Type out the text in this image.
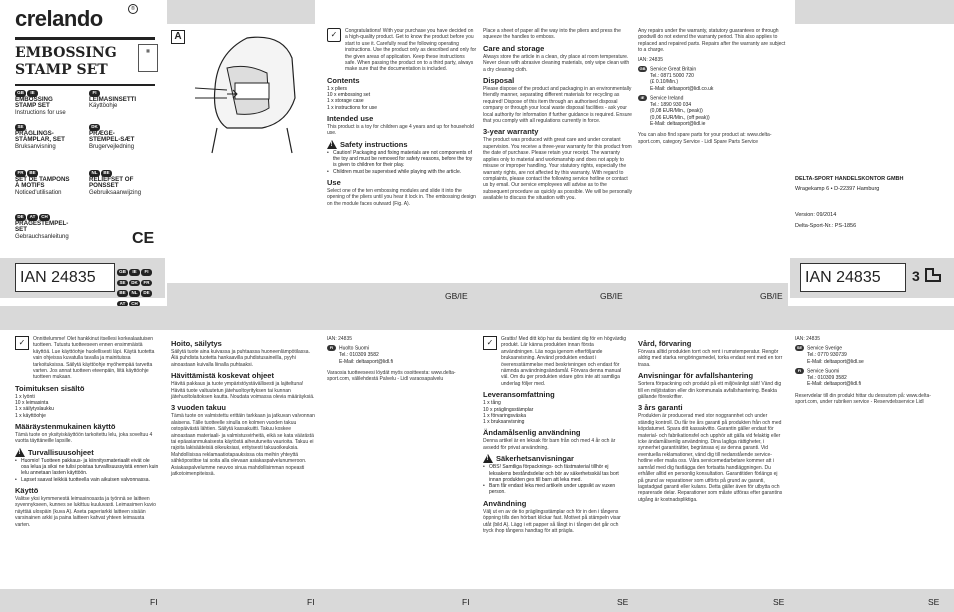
crelando	®
EMBOSSING
STAMP SET
▦
GB IE
EMBOSSING
STAMP SET
Instructions for use
FI
LEIMASINSETTI
Käyttöohje
SE
PRÄGLINGS-
STÄMPLAR, SET
Bruksanvisning
DK
PRÆGE-
STEMPEL-SÆT
Brugervejledning
FR BE
SET DE TAMPONS
À MOTIFS
Noticed'utilisation
NL BE
RELIËFSET OF
PONSSET
Gebruiksaanwijzing
DE AT CH
PRÄGESTEMPEL-
SET
Gebrauchsanleitung	CE
IAN 24835	GB IE FI SE DK FR BE NL DE AT CH
A	✓	Congratulations! With your purchase you have decided on a high-quality product. Get to know the product before you start to use it. Carefully read the following operating instructions. Use the product only as described and only for the given areas of application. Keep these instructions safe. When passing the product on to a third party, always make sure that the documentation is included.

Contents
1 x pliers
10 x embossing set
1 x storage case
1 x instructions for use
Intended use

This product is a toy for children age 4 years and up for household use.

!
Safety instructions
• Caution! Packaging and fixing materials are not components of the toy and must be removed for safety reasons, before the toy is given to children for their play.
• Children must be supervised while playing with the article.
Use

Select one of the ten embossing modules and slide it into the opening of the pliers until you hear it lock in. The embossing design on the module faces outward (Fig. A).

Place a sheet of paper all the way into the pliers and press the squeeze the handles to emboss.

Care and storage

Always store the article in a clean, dry place at room temperature. Never clean with abrasive cleaning materials, only wipe clean with a dry cleaning cloth.

Disposal

Please dispose of the product and packaging in an environmentally friendly manner, separating different materials for recycling as required! Dispose of this item through an authorised disposal company or through your local waste disposal facilities - ask your local authority for information if further guidance is required. Ensure that you comply with all regulations currently in force.

3-year warranty

The product was produced with great care and under constant supervision. You receive a three-year warranty for this product from the date of purchase. Please retain your receipt. The warranty applies only to material and workmanship and does not apply to misuse or improper handling. Your statutory rights, especially the warranty rights, are not affected by this warranty. With regard to complaints, please contact the following service hotline or contact us by email. Our service employees will advise as to the subsequent procedure as quickly as possible. We will be personally available to discuss the situation with you.

Any repairs under the warranty, statutory guarantees or through goodwill do not extend the warranty period. This also applies to replaced and repaired parts. Repairs after the warranty are subject to a charge.

IAN: 24835

GB Service Great Britain
Tel.: 0871 5000 720
(£ 0.10/Min.)
E-Mail: deltasport@lidl.co.uk
IE Service Ireland
Tel.: 1890 930 034
(0,08 EUR/Min., (peak))
(0,06 EUR/Min., (off peak))
E-Mail: deltasport@lidl.ie

You can also find spare parts for your product at: www.delta-sport.com, category Service - Lidl Spare Parts Service

DELTA-SPORT HANDELSKONTOR GMBH
Wragekamp 6 • D-22397 Hamburg
Version: 09/2014
Delta-Sport-Nr.: PS-1856
IAN 24835	3
GB/IE	GB/IE	GB/IE
✓	Onnittelumme! Olet hankkinut itsellesi korkealaatuisen tuotteen. Tutustu tuotteeseen ennen ensimmäistä käyttöä. Lue käyttöohje huolellisesti läpi. Käytä tuotetta vain ohjeissa kuvatulla tavalla ja mainituissa tarkoituksissa. Säilytä käyttöohje myöhempää tarvetta varten. Jos annat tuotteen eteenpäin, liitä käyttöohje tuotteen mukaan.

Toimituksen sisältö
1 x lyönti
10 x leimasinta
1 x säilytyslaukku
1 x käyttöohje
Määräystenmukainen käyttö

Tämä tuote on yksityiskäyttöön tarkoitettu lelu, joka soveltuu 4 vuotta täyttäneille lapsille.

!
Turvallisuusohjeet
• Huomio! Tuotteen pakkaus- ja kiinnitysmateriaalit eivät ole osa lelua ja siksi ne tulisi poistaa turvallisuussyistä ennen kuin lelu annetaan lasten käyttöön.
• Lapset saavat leikkiä tuotteella vain aikuisen valvonnassa.
Käyttö

Valitse yksi kymmenestä leimasinosasta ja työnnä se laitteen syvennykseen, kunnes se lukittuu kuuluvasti. Leimasimen kuvio näyttää ulospäin (kuva A). Aseta paperiarkki laitteen sisään varsinainen arkki ja paina laitteen kahvat yhteen leimausta varten.

Hoito, säilytys

Säilytä tuote aina kuivassa ja puhtaassa huoneenlämpötilassa. Älä puhdista tuotetta hankaavilla puhdistusaineilla, pyyhi ainoastaan kuivalla liinalla puhtaaksi.

Hävittämistä koskevat ohjeet

Hävitä pakkaus ja tuote ympäristöystävällisesti ja lajiteltuna! Hävitä tuote valtuutetun jätehuoltoyrityksen tai kunnan jätehuoltolaitoksen kautta. Noudata voimassa olevia määräyksiä.

3 vuoden takuu

Tämä tuote on valmistettu erittäin tarkkaan ja jatkuvan valvonnan alaisena. Tälle tuotteelle sinulla on kolmen vuoden takuu ostopäivästä lähtien. Säilytä kassakuitti. Takuu koskee ainoastaan materiaali- ja valmistusvirheitä, eikä se kata väärästä tai epäasianmukaisesta käytöstä aiheutuneita vaurioita. Takuu ei rajoita lakisääteisiä oikeuksiasi, erityisesti takuuoikeuksia. Mahdollisissa reklamaatiotapauksissa ota meihin yhteyttä sähköpostitse tai soita alla olevaan asiakaspalvelunumeroon. Asiakaspalvelumme neuvoo sinua mahdollisimman nopeasti jatkotoimenpiteissä.

IAN: 24835

FI Huolto Suomi
Tel.: 010309 3582
E-Mail: deltasport@lidl.fi

Varaosia tuotteeseesi löydät myös osoitteesta: www.delta-sport.com, välilehdestä Palvelu - Lidl varaosapalvelu

✓	Grattis! Med ditt köp har du bestämt dig för en högvärdig produkt. Lär känna produkten innan första användningen. Läs noga igenom efterföljande bruksanvisning. Använd produkten endast i överensstämmelse med beskrivningen och endast för nämnda användningsändamål. Förvara denna manual väl. Om du ger produkten vidare görs inte att samtliga underlag följer med.

Leveransomfattning
1 x tång
10 x präglingsstämplar
1 x förvaringsväska
1 x bruksanvisning
Ändamålsenlig användning

Denna artikel är en leksak för barn från och med 4 år och är avsedd för privat användning.

!
Säkerhetsanvisningar
• OBS! Samtliga förpacknings- och fästmaterial tillhör ej leksakens beståndsdelar och bör av säkerhetsskäl tas bort innan produkten ges till barn att leka med.
• Barn får endast leka med artikeln under uppsikt av vuxen person.
Användning

Välj ut en av de tio präglingsstämplar och för in den i tångens öppning tills den hörbart klickar fast. Motivet på stämpeln visar utåt (bild A). Lägg i ett papper så långt in i tången det går och tryck ihop tångens handtag för att prägla.

Vård, förvaring

Förvara alltid produkten torrt och rent i rumstemperatur. Rengör aldrig med starka rengöringsmedel, torka endast rent med en torr trasa.

Anvisningar för avfallshantering

Sortera förpackning och produkt på ett miljövänligt sätt! Vänd dig till en miljöstation eller din kommunala avfallshantering. Beakta gällande föreskrifter.

3 års garanti

Produkten är producerad med stor noggrannhet och under ständig kontroll. Du får tre års garanti på produkten från och med köpdatumet. Spara ditt kassakvitto. Garantin gäller endast för material- och fabrikationsfel och upphör att gälla vid felaktig eller icke ändamålsenlig användning. Dina lagliga rättigheter, i synnerhet garantirätter, begränsas ej av denna garanti. Vid eventuella reklamationer, vänd dig till nedanstående service-hotline eller maila oss. Våra servicemedarbetare kommer att i samråd med dig fastlägga den fortsatta handläggningen. Du erhåller alltid en personlig konsultation. Garantitiden förlängs ej på grund av reparationer som utförts på grund av garanti, lagstadgad garanti eller kulans. Detta gäller även för utbytta och reparerade delar. Reparationer som måste utföras efter garantins utgång är kostnadspliktiga.

IAN: 24835

SE Service Sverige
Tel.: 0770 930739
E-Mail: deltasport@lidl.se
FI Service Suomi
Tel.: 010309 3582
E-Mail: deltasport@lidl.fi

Reservdelar till din produkt hittar du dessutom på: www.delta-sport.com, under rubriken service - Reservdelsservice Lidl

FI	FI	FI	SE	SE	SE
